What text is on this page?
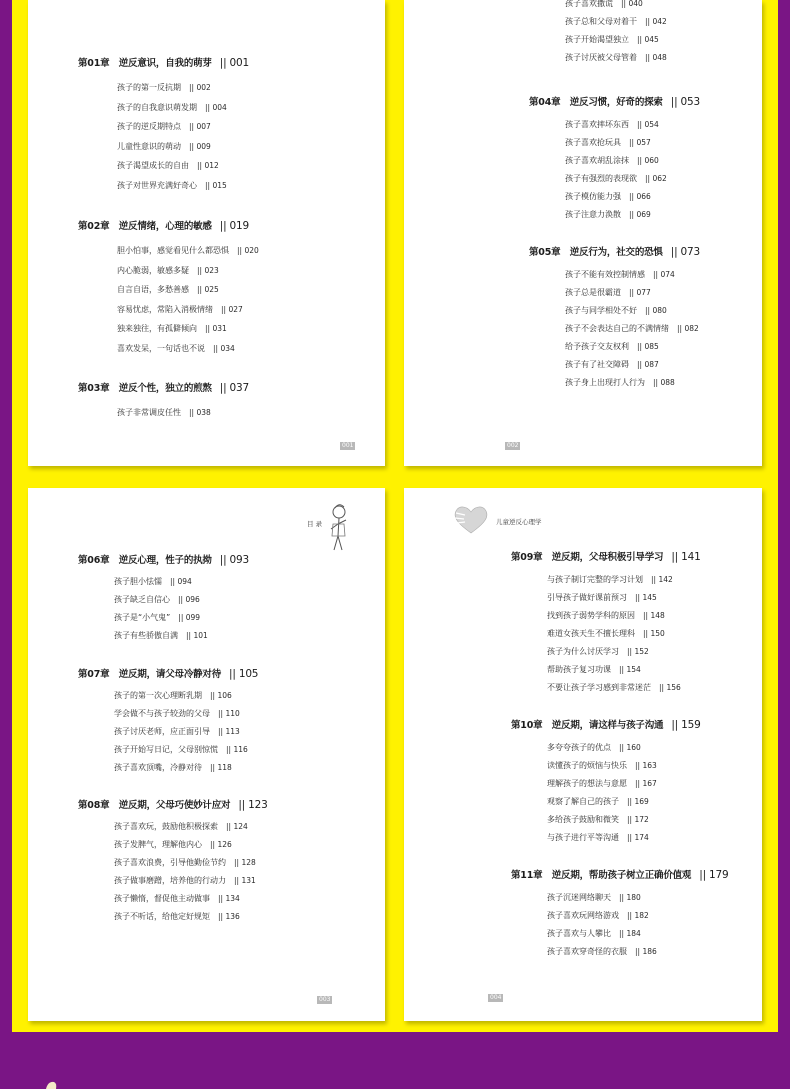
001
第01章　逆反意识，自我的萌芽 || 001
孩子的第一反抗期 || 002
孩子的自我意识萌发期 || 004
孩子的逆反期特点 || 007
儿童性意识的萌动 || 009
孩子渴望成长的自由 || 012
孩子对世界充满好奇心 || 015
第02章　逆反情绪，心理的敏感 || 019
胆小怕事，感觉看见什么都恐惧 || 020
内心脆弱，敏感多疑 || 023
自言自语，多愁善感 || 025
容易忧虑，常陷入消极情绪 || 027
独来独往，有孤僻倾向 || 031
喜欢发呆，一句话也不说 || 034
第03章　逆反个性，独立的煎熬 || 037
孩子非常调皮任性 || 038
002
孩子喜欢撒谎 || 040
孩子总和父母对着干 || 042
孩子开始渴望独立 || 045
孩子讨厌被父母管着 || 048
第04章　逆反习惯，好奇的探索 || 053
孩子喜欢摔坏东西 || 054
孩子喜欢抢玩具 || 057
孩子喜欢胡乱涂抹 || 060
孩子有强烈的表现欲 || 062
孩子模仿能力强 || 066
孩子注意力涣散 || 069
第05章　逆反行为，社交的恐惧 || 073
孩子不能有效控制情感 || 074
孩子总是很霸道 || 077
孩子与同学相处不好 || 080
孩子不会表达自己的不满情绪 || 082
给予孩子交友权利 || 085
孩子有了社交障碍 || 087
孩子身上出现打人行为 || 088
目 录
003
第06章　逆反心理，性子的执拗 || 093
孩子胆小怯懦 || 094
孩子缺乏自信心 || 096
孩子是“小气鬼” || 099
孩子有些骄傲自满 || 101
第07章　逆反期，请父母冷静对待 || 105
孩子的第一次心理断乳期 || 106
学会做不与孩子较劲的父母 || 110
孩子讨厌老师，应正面引导 || 113
孩子开始写日记，父母别惊慌 || 116
孩子喜欢顶嘴，冷静对待 || 118
第08章　逆反期，父母巧使妙计应对 || 123
孩子喜欢玩，鼓励他积极探索 || 124
孩子发脾气，理解他内心 || 126
孩子喜欢浪费，引导他勤俭节约 || 128
孩子做事磨蹭，培养他的行动力 || 131
孩子懒惰，督促他主动做事 || 134
孩子不听话，给他定好规矩 || 136
儿童逆反心理学
004
第09章　逆反期，父母积极引导学习 || 141
与孩子制订完整的学习计划 || 142
引导孩子做好课前预习 || 145
找到孩子弱势学科的原因 || 148
难道女孩天生不擅长理科 || 150
孩子为什么讨厌学习 || 152
帮助孩子复习功课 || 154
不要让孩子学习感到非常迷茫 || 156
第10章　逆反期，请这样与孩子沟通 || 159
多夸夸孩子的优点 || 160
读懂孩子的烦恼与快乐 || 163
理解孩子的想法与意愿 || 167
观察了解自己的孩子 || 169
多给孩子鼓励和微笑 || 172
与孩子进行平等沟通 || 174
第11章　逆反期，帮助孩子树立正确价值观 || 179
孩子沉迷网络聊天 || 180
孩子喜欢玩网络游戏 || 182
孩子喜欢与人攀比 || 184
孩子喜欢穿奇怪的衣服 || 186
